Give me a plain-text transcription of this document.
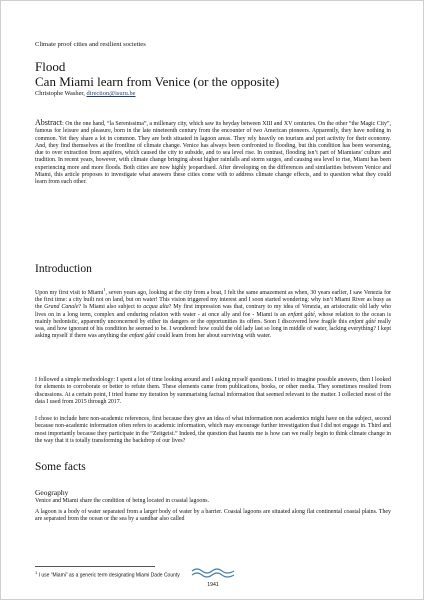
Climate proof cities and resilient societies
Flood
Can Miami learn from Venice (or the opposite)
Christophe Washer, direction@isuru.be
Abstract: On the one hand, “la Serenissima”, a millenary city, which saw its heyday between XIII and XV centuries. On the other “the Magic City”, famous for leisure and pleasure, born in the late nineteenth century from the encounter of two American pioneers. Apparently, they have nothing in common. Yet they share a lot in common. They are both situated in lagoon areas. They rely heavily on tourism and port activity for their economy. And, they find themselves at the frontline of climate change. Venice has always been confronted to flooding, but this condition has been worsening, due to over extraction from aquifers, which caused the city to subside, and to sea level rise. In contrast, flooding isn’t part of Miamians’ culture and tradition. In recent years, however, with climate change bringing about higher rainfalls and storm surges, and causing sea level to rise, Miami has been experiencing more and more floods. Both cities are now highly jeopardised. After developing on the differences and similarities between Venice and Miami, this article proposes to investigate what answers these cities come with to address climate change effects, and to question what they could learn from each other.
Introduction

Upon my first visit to Miami$^1$, seven years ago, looking at the city from a boat, I felt the same amazement as when, 30 years earlier, I saw Venezia for the first time: a city built not on land, but on water! This vision triggered my interest and I soon started wondering: why isn’t Miami River as busy as the Grand Canale? Is Miami also subject to acqua alta? My first impression was that, contrary to my idea of Venezia, an aristocratic old lady who lives on in a long term, complex and enduring relation with water - at once ally and foe - Miami is an enfant gâté, whose relation to the ocean is mainly hedonistic, apparently unconcerned by either its dangers or the opportunities its offers. Soon I discovered how fragile this enfant gâté really was, and how ignorant of his condition he seemed to be. I wondered: how could the old lady last so long in middle of water, lacking everything? I kept asking myself if there was anything the enfant gâté could learn from her about surviving with water.

I followed a simple methodology: I spent a lot of time looking around and I asking myself questions. I tried to imagine possible answers, then I looked for elements to corroborate or better to refute them. These elements came from publications, books, or other media. They sometimes resulted from discussions. At a certain point, I tried frame my iteration by summarising factual information that seemed relevant to the matter. I collected most of the data I used from 2015 through 2017.

I chose to include here non-academic references, first because they give an idea of what information non academics might have on the subject, second because non-academic information often refers to academic information, which may encourage further investigation that I did not engage in. Third and most importantly because they participate in the “Zeitgeist.” Indeed, the question that haunts me is how can we really begin to think climate change in the way that it is totally transforming the backdrop of our lives?

Some facts
Geography

Venice and Miami share the condition of being located in coastal lagoons.

A lagoon is a body of water separated from a larger body of water by a barrier. Coastal lagoons are situated along flat continental coastal plains. They are separated from the ocean or the sea by a sandbar also called

$^1$ I use “Miami” as a generic term designating Miami Dade County
1941
